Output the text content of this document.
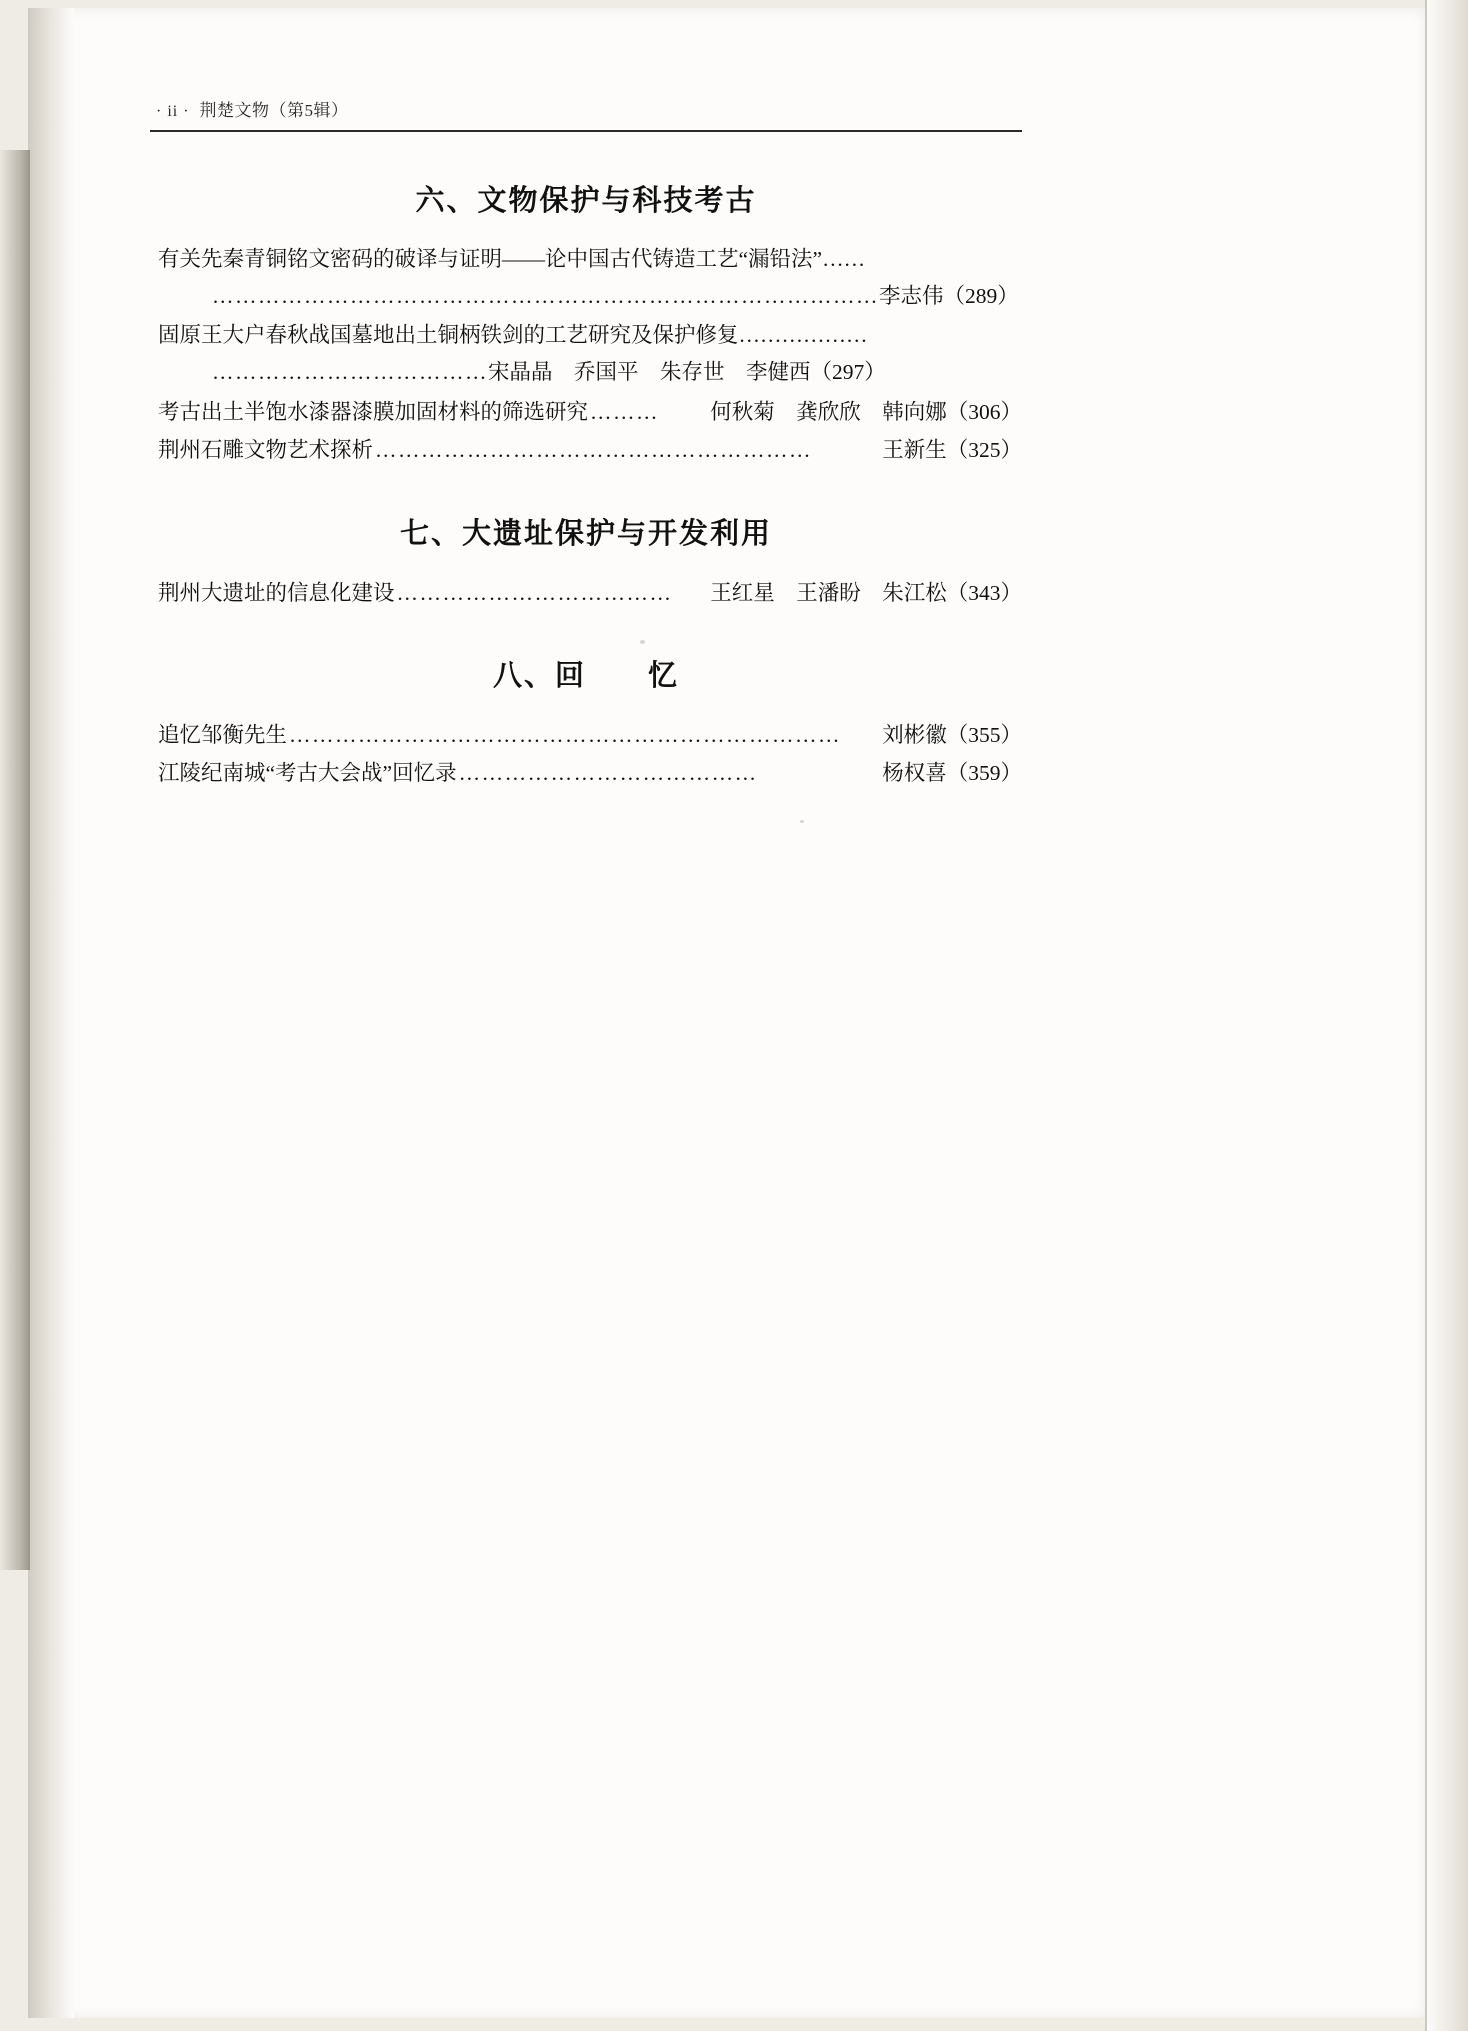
· ii · 荆楚文物（第5辑）
六、文物保护与科技考古
有关先秦青铜铭文密码的破译与证明——论中国古代铸造工艺“漏铅法”……
……………………………………………………………………………李志伟（289）
固原王大户春秋战国墓地出土铜柄铁剑的工艺研究及保护修复………………
………………………………宋晶晶　乔国平　朱存世　李健西（297）
考古出土半饱水漆器漆膜加固材料的筛选研究 ………	何秋菊　龚欣欣　韩向娜（306）
荆州石雕文物艺术探析 …………………………………………………	王新生（325）
七、大遗址保护与开发利用
荆州大遗址的信息化建设 ………………………………	王红星　王潘盼　朱江松（343）
八、回　　忆
追忆邹衡先生 ………………………………………………………………	刘彬徽（355）
江陵纪南城“考古大会战”回忆录 …………………………………	杨权喜（359）
